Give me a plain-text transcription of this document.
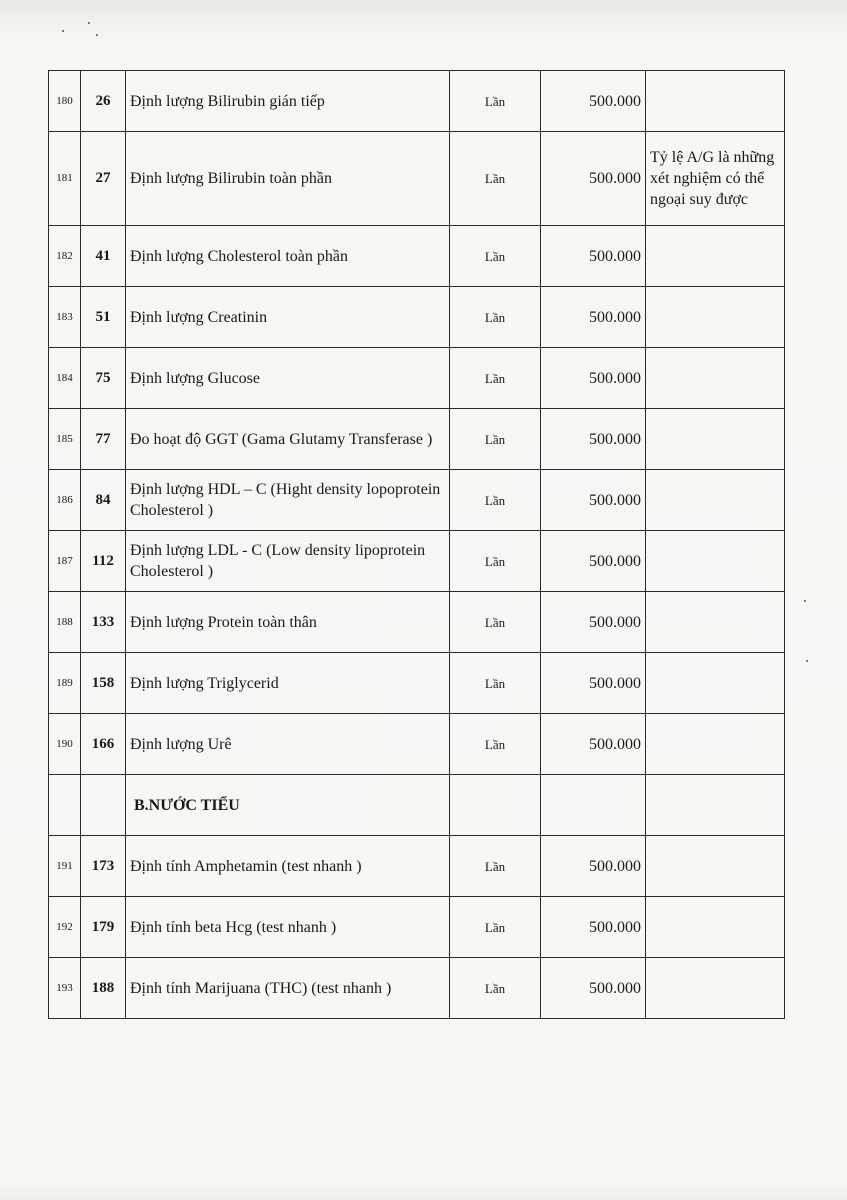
180	26	Định lượng Bilirubin gián tiếp	Lần	500.000	
181	27	Định lượng Bilirubin toàn phần	Lần	500.000	Tỷ lệ A/G là những xét nghiệm có thể ngoại suy được
182	41	Định lượng Cholesterol toàn phần	Lần	500.000	
183	51	Định lượng Creatinin	Lần	500.000	
184	75	Định lượng Glucose	Lần	500.000	
185	77	Đo hoạt độ GGT (Gama Glutamy Transferase )	Lần	500.000	
186	84	Định lượng HDL – C (Hight density lopoprotein Cholesterol )	Lần	500.000	
187	112	Định lượng LDL - C (Low density lipoprotein Cholesterol )	Lần	500.000	
188	133	Định lượng Protein toàn thân	Lần	500.000	
189	158	Định lượng Triglycerid	Lần	500.000	
190	166	Định lượng Urê	Lần	500.000	
		B.NƯỚC TIỂU			
191	173	Định tính Amphetamin (test nhanh )	Lần	500.000	
192	179	Định tính beta Hcg (test nhanh )	Lần	500.000	
193	188	Định tính Marijuana (THC) (test nhanh )	Lần	500.000	
